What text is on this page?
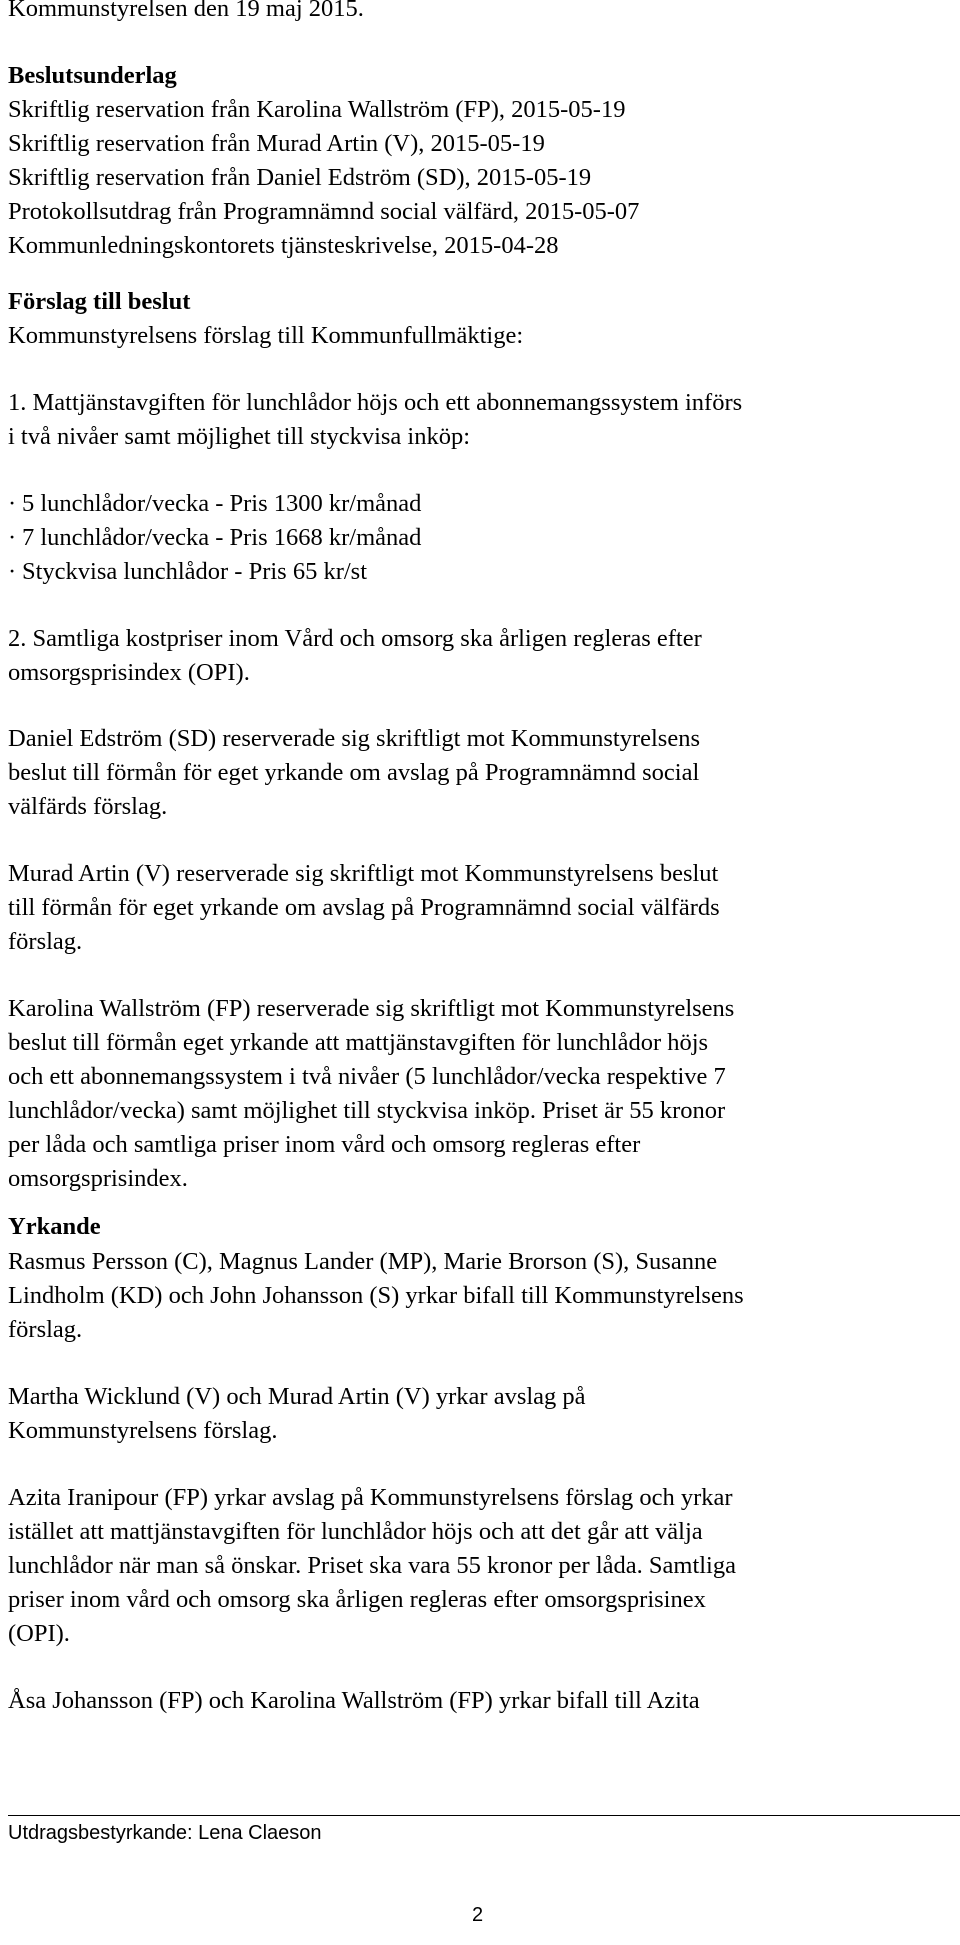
Kommunstyrelsen den 19 maj 2015.
Beslutsunderlag
Skriftlig reservation från Karolina Wallström (FP), 2015-05-19
Skriftlig reservation från Murad Artin (V), 2015-05-19
Skriftlig reservation från Daniel Edström (SD), 2015-05-19
Protokollsutdrag från Programnämnd social välfärd, 2015-05-07
Kommunledningskontorets tjänsteskrivelse, 2015-04-28
Förslag till beslut
Kommunstyrelsens förslag till Kommunfullmäktige:
1. Mattjänstavgiften för lunchlådor höjs och ett abonnemangssystem införs
i två nivåer samt möjlighet till styckvisa inköp:
· 5 lunchlådor/vecka - Pris 1300 kr/månad
· 7 lunchlådor/vecka - Pris 1668 kr/månad
· Styckvisa lunchlådor - Pris 65 kr/st
2. Samtliga kostpriser inom Vård och omsorg ska årligen regleras efter
omsorgsprisindex (OPI).
Daniel Edström (SD) reserverade sig skriftligt mot Kommunstyrelsens
beslut till förmån för eget yrkande om avslag på Programnämnd social
välfärds förslag.
Murad Artin (V) reserverade sig skriftligt mot Kommunstyrelsens beslut
till förmån för eget yrkande om avslag på Programnämnd social välfärds
förslag.
Karolina Wallström (FP) reserverade sig skriftligt mot Kommunstyrelsens
beslut till förmån eget yrkande att mattjänstavgiften för lunchlådor höjs
och ett abonnemangssystem i två nivåer (5 lunchlådor/vecka respektive 7
lunchlådor/vecka) samt möjlighet till styckvisa inköp. Priset är 55 kronor
per låda och samtliga priser inom vård och omsorg regleras efter
omsorgsprisindex.
Yrkande
Rasmus Persson (C), Magnus Lander (MP), Marie Brorson (S), Susanne
Lindholm (KD) och John Johansson (S) yrkar bifall till Kommunstyrelsens
förslag.
Martha Wicklund (V) och Murad Artin (V) yrkar avslag på
Kommunstyrelsens förslag.
Azita Iranipour (FP) yrkar avslag på Kommunstyrelsens förslag och yrkar
istället att mattjänstavgiften för lunchlådor höjs och att det går att välja
lunchlådor när man så önskar. Priset ska vara 55 kronor per låda. Samtliga
priser inom vård och omsorg ska årligen regleras efter omsorgsprisinex
(OPI).
Åsa Johansson (FP) och Karolina Wallström (FP) yrkar bifall till Azita
Utdragsbestyrkande: Lena Claeson
2
